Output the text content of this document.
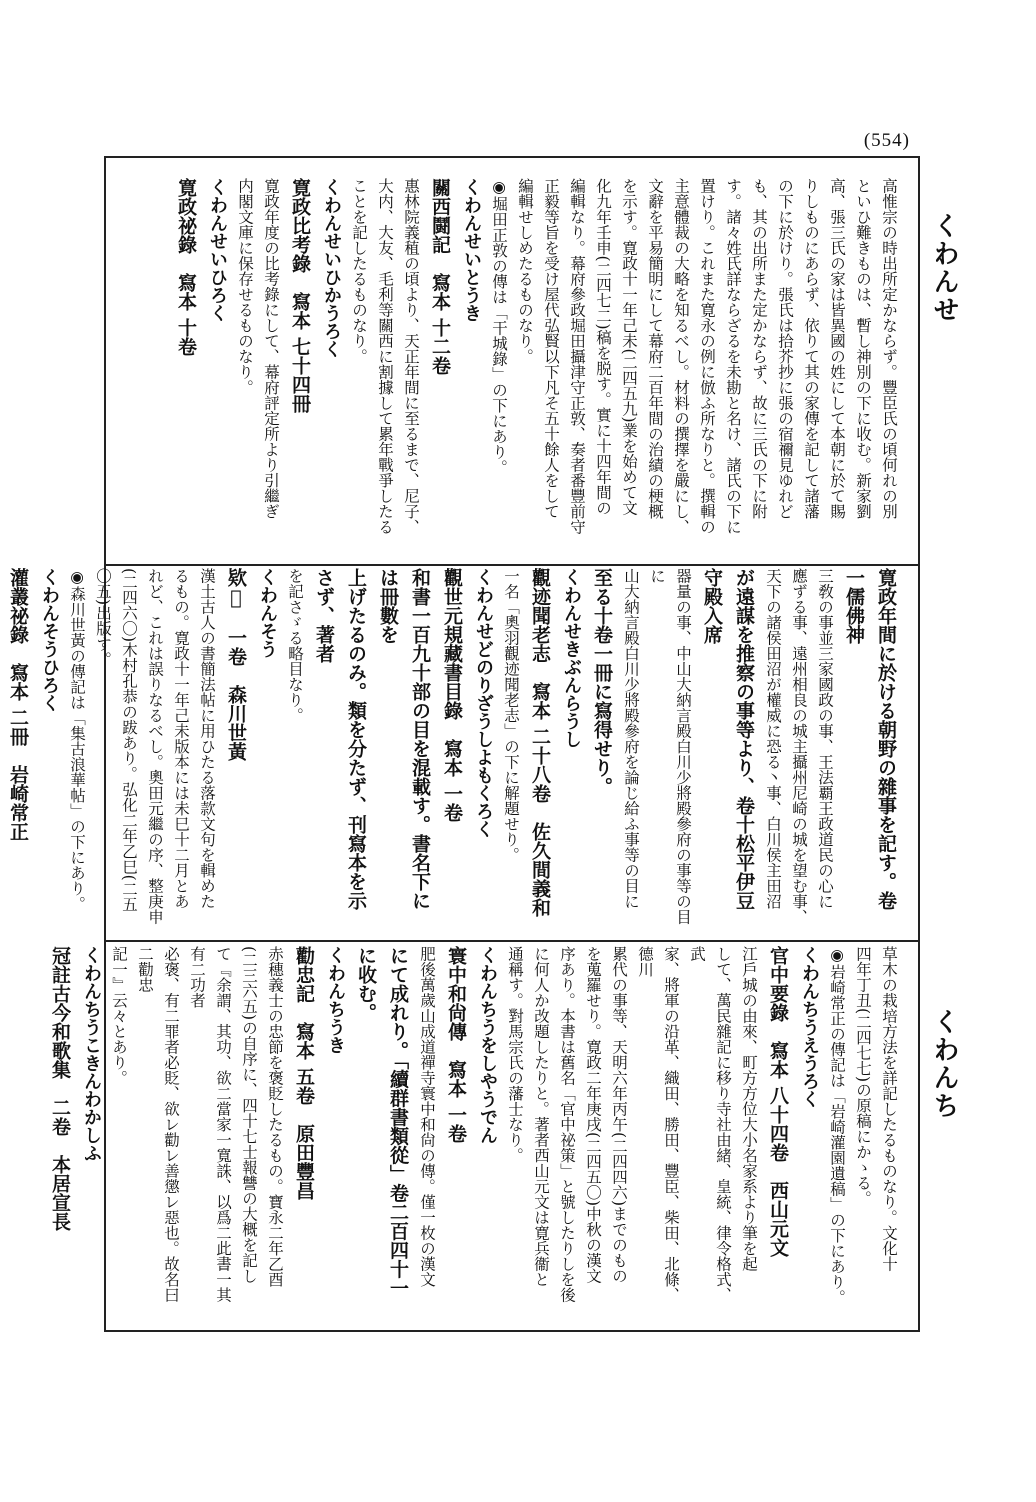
(554)
くわんせ
くわんち

高惟宗の時出所定かならず。豐臣氏の頃何れの別

といひ難きものは、暫し神別の下に收む。新家劉

高、張三氏の家は皆異國の姓にして本朝に於て賜

りしものにあらず、依りて其の家傳を記して諸藩

の下に於けり。張氏は拾芥抄に張の宿禰見ゆれど

も、其の出所また定かならず、故に三氏の下に附

す。諸々姓氏詳ならざるを未勘と名け、諸氏の下に

置けり。これまた寛永の例に倣ふ所なりと。撰輯の

主意體裁の大略を知るべし。材料の撰擇を嚴にし、

文辭を平易簡明にして幕府二百年間の治績の梗概

を示す。寛政十一年己未(二四五九)業を始めて文

化九年壬申(二四七二)稿を脱す。實に十四年間の

編輯なり。幕府參政堀田攝津守正敦、奏者番豐前守

正毅等旨を受け屋代弘賢以下凡そ五十餘人をして

編輯せしめたるものなり。

◉堀田正敦の傳は「干城錄」の下にあり。

くわんせいとうき

關西鬪記　寫本 十二卷

惠林院義稙の頃より、天正年間に至るまで、尼子、

大内、大友、毛利等關西に割據して累年戰爭したる

ことを記したるものなり。

くわんせいひかうろく

寛政比考錄　寫本 七十四冊

寛政年度の比考錄にして、幕府評定所より引繼ぎ

内閣文庫に保存せるものなり。

くわんせいひろく

寛政祕錄　寫本 十卷

寛政年間に於ける朝野の雜事を記す。卷一儒佛神

三敎の事並三家國政の事、王法覇王政道民の心に

應ずる事、遠州相良の城主攝州尼崎の城を望む事、

天下の諸侯田沼が權威に恐る丶事、白川侯主田沼

が遠謀を推察の事等より、卷十松平伊豆守殿入席

器量の事、中山大納言殿白川少將殿參府の事等の目に

山大納言殿白川少將殿參府を論じ給ふ事等の目に

至る十卷一冊に寫得せり。

くわんせきぶんらうし

觀迹聞老志　寫本 二十八卷　佐久間義和

一名「奧羽觀迹聞老志」の下に解題せり。

くわんせどのりざうしよもくろく

觀世元規藏書目錄　寫本 一卷

和書一百九十部の目を混載す。書名下には冊數を

上げたるのみ。類を分たず、刊寫本を示さず、著者

を記さゞる略目なり。

くわんそう

欵𦊙　一卷　森川世黃

漢土古人の書簡法帖に用ひたる落款文句を輯めた

るもの。寛政十一年己未版本には未巳十二月とあ

れど、これは誤りなるべし。奧田元繼の序、整庚申

(二四六〇)木村孔恭の跋あり。弘化二年乙巳(二五

〇五)出版す。

◉森川世黃の傳記は「集古浪華帖」の下にあり。

くわんそうひろく

灌叢祕錄　寫本 二冊　岩崎常正

草木の栽培方法を詳記したるものなり。文化十

四年丁丑(二四七七)の原稿にかゝる。

◉岩崎常正の傳記は「岩崎灌園遺稿」の下にあり。

くわんちうえうろく

官中要錄　寫本 八十四卷　西山元文

江戶城の由來、町方方位大小名家系より筆を起

して、萬民雜記に移り寺社由緒、皇統、律令格式、武

家、將軍の沿革、織田、勝田、豐臣、柴田、北條、德川

累代の事等、天明六年丙午(二四四六)までのもの

を蒐羅せり。寛政二年庚戌(二四五〇)中秋の漢文

序あり。本書は舊名「官中祕策」と號したりしを後

に何人か改題したりと。著者西山元文は寛兵衞と

通稱す。對馬宗氏の藩士なり。

くわんちうをしやうでん

寰中和尙傳　寫本 一卷

肥後萬歲山成道禪寺寰中和尙の傳。僅一枚の漢文

にて成れり。「續群書類從」卷二百四十一に收む。

くわんちうき

勸忠記　寫本 五卷　原田豐昌

赤穗義士の忠節を褒貶したるもの。寶永二年乙酉

(二三六五)の自序に、四十七士報讐の大概を記し

て『余謂、其功、欲二當家一寬誅、以爲二此書一其有二功者

必褒、有二罪者必貶、欲レ勸レ善懲レ惡也。故名曰二勸忠

記一』云々とあり。

くわんちうこきんわかしふ

冠註古今和歌集　二卷　本居宣長
